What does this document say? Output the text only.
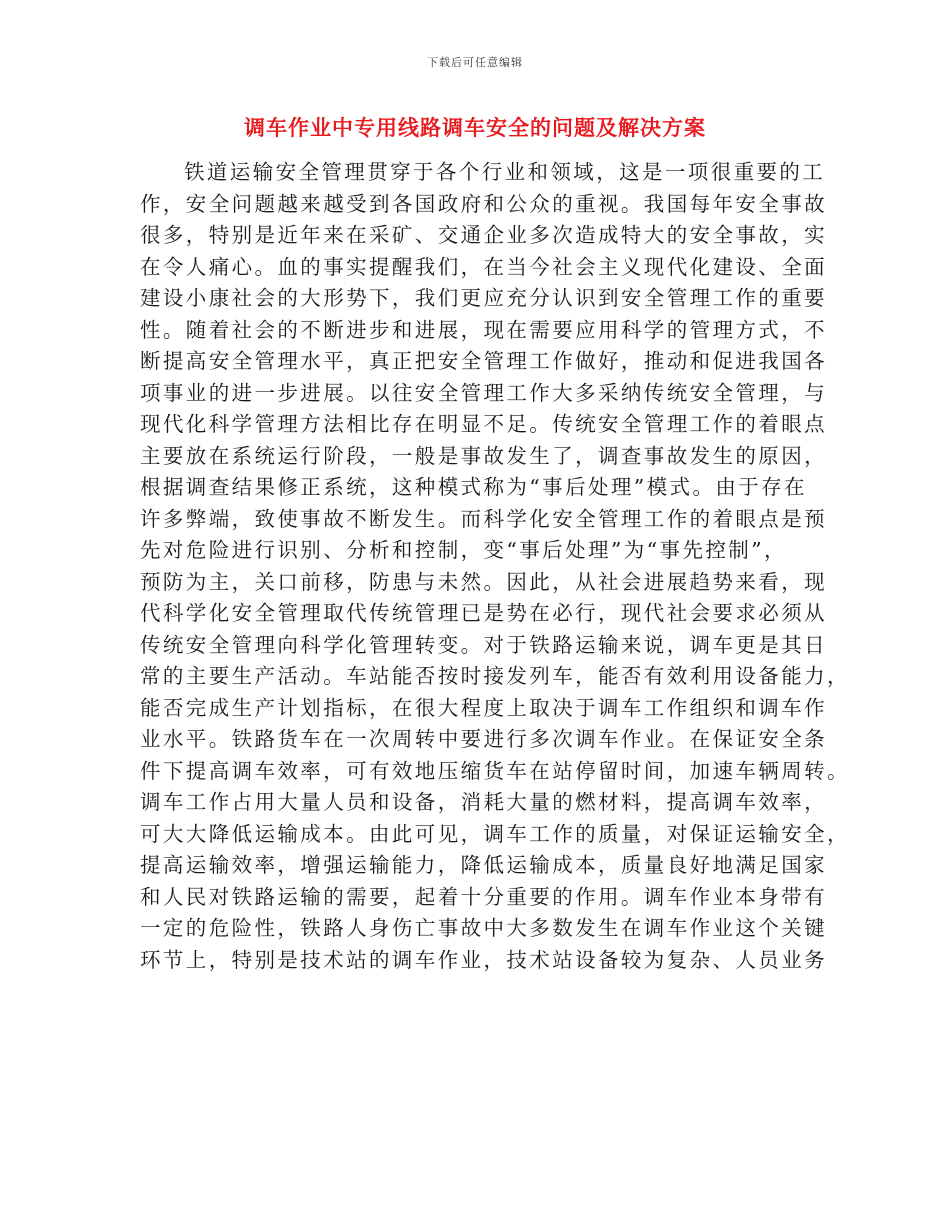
下载后可任意编辑
调车作业中专用线路调车安全的问题及解决方案
铁道运输安全管理贯穿于各个行业和领域，这是一项很重要的工
作，安全问题越来越受到各国政府和公众的重视。我国每年安全事故
很多，特别是近年来在采矿、交通企业多次造成特大的安全事故，实
在令人痛心。血的事实提醒我们，在当今社会主义现代化建设、全面
建设小康社会的大形势下，我们更应充分认识到安全管理工作的重要
性。随着社会的不断进步和进展，现在需要应用科学的管理方式，不
断提高安全管理水平，真正把安全管理工作做好，推动和促进我国各
项事业的进一步进展。以往安全管理工作大多采纳传统安全管理，与
现代化科学管理方法相比存在明显不足。传统安全管理工作的着眼点
主要放在系统运行阶段，一般是事故发生了，调查事故发生的原因，
根据调查结果修正系统，这种模式称为“事后处理”模式。由于存在
许多弊端，致使事故不断发生。而科学化安全管理工作的着眼点是预
先对危险进行识别、分析和控制，变“事后处理”为“事先控制”，
预防为主，关口前移，防患与未然。因此，从社会进展趋势来看，现
代科学化安全管理取代传统管理已是势在必行，现代社会要求必须从
传统安全管理向科学化管理转变。对于铁路运输来说，调车更是其日
常的主要生产活动。车站能否按时接发列车，能否有效利用设备能力，
能否完成生产计划指标，在很大程度上取决于调车工作组织和调车作
业水平。铁路货车在一次周转中要进行多次调车作业。在保证安全条
件下提高调车效率，可有效地压缩货车在站停留时间，加速车辆周转。
调车工作占用大量人员和设备，消耗大量的燃材料，提高调车效率，
可大大降低运输成本。由此可见，调车工作的质量，对保证运输安全，
提高运输效率，增强运输能力，降低运输成本，质量良好地满足国家
和人民对铁路运输的需要，起着十分重要的作用。调车作业本身带有
一定的危险性，铁路人身伤亡事故中大多数发生在调车作业这个关键
环节上，特别是技术站的调车作业，技术站设备较为复杂、人员业务
